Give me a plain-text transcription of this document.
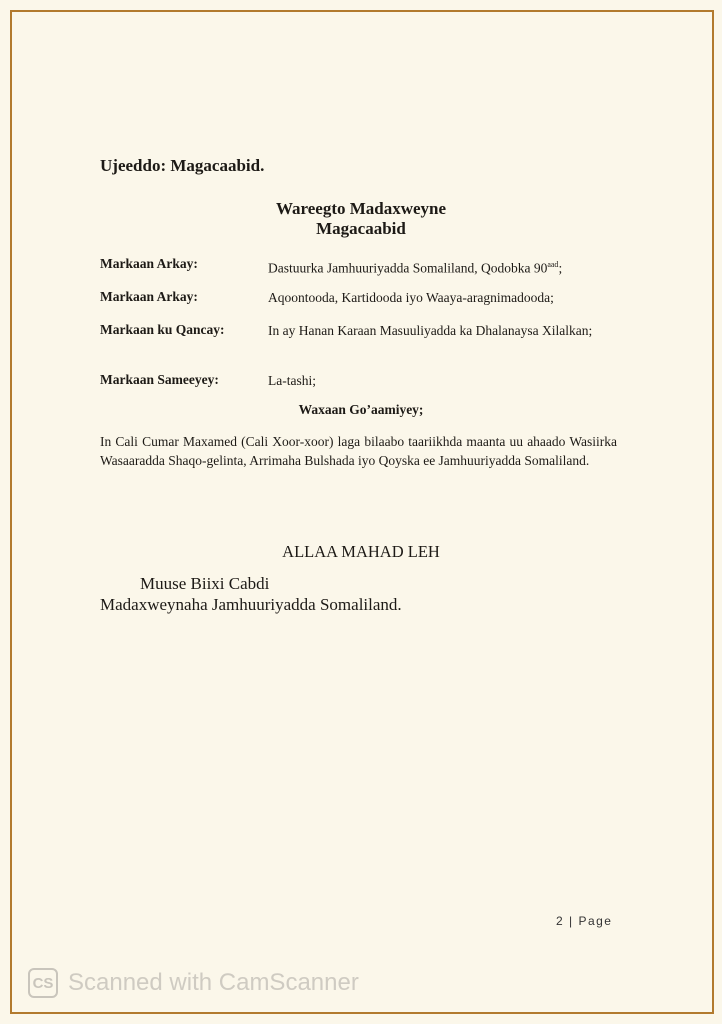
Ujeeddo: Magacaabid.
Wareegto Madaxweyne
Magacaabid
Markaan Arkay:	Dastuurka Jamhuuriyadda Somaliland, Qodobka $90^{aad}$;
Markaan Arkay:	Aqoontooda, Kartidooda iyo Waaya-aragnimadooda;
Markaan ku Qancay:	In ay Hanan Karaan Masuuliyadda ka Dhalanaysa Xilalkan;
Markaan Sameeyey:	La-tashi;
Waxaan Go’aamiyey;
In Cali Cumar Maxamed (Cali Xoor-xoor) laga bilaabo taariikhda maanta uu ahaado Wasiirka Wasaaradda Shaqo-gelinta, Arrimaha Bulshada iyo Qoyska ee Jamhuuriyadda Somaliland.
ALLAA MAHAD LEH
Muuse Biixi Cabdi
Madaxweynaha Jamhuuriyadda Somaliland.
2 | Page
CS Scanned with CamScanner
